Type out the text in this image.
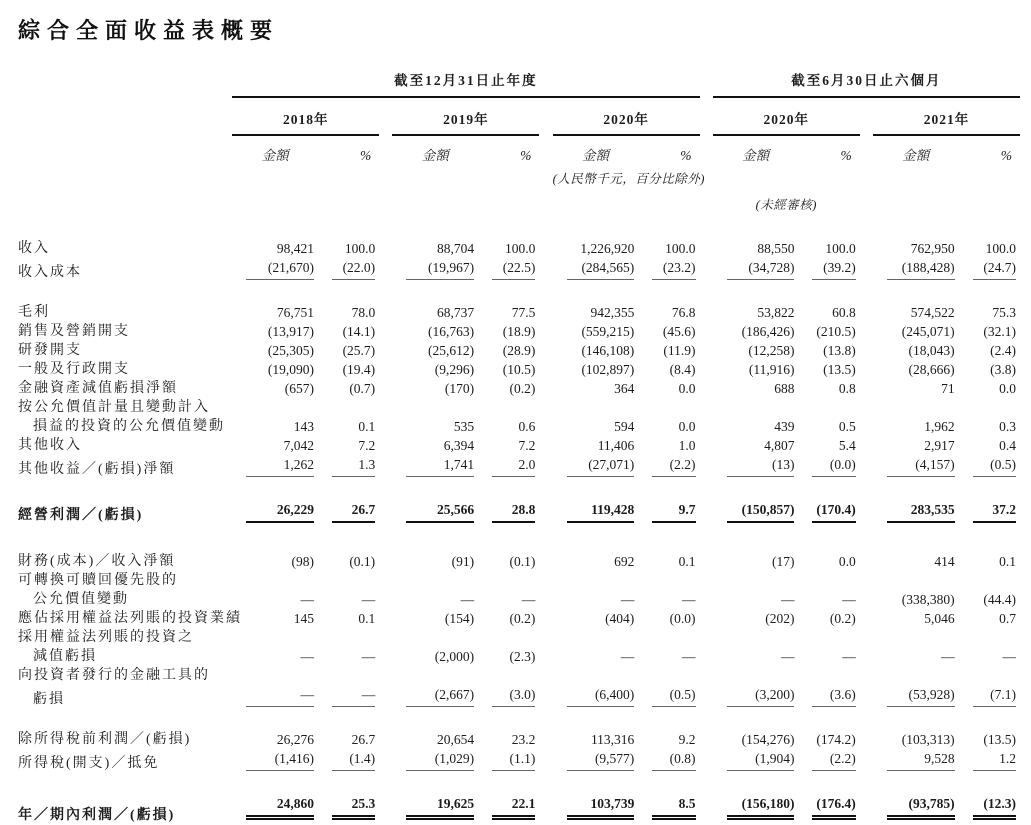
綜合全面收益表概要
	截至12月31日止年度									截至6月30日止六個月				
	2018年			2019年			2020年			2020年			2021年	
	金額	%		金額	%		金額	%		金額	%		金額	%
							(人民幣千元，百分比除外)							
										(未經審核)				
收入	98,421	100.0		88,704	100.0		1,226,920	100.0		88,550	100.0		762,950	100.0

收入成本	(21,670)	(22.0)		(19,967)	(22.5)		(284,565)	(23.2)		(34,728)	(39.2)		(188,428)	(24.7)

毛利	76,751	78.0		68,737	77.5		942,355	76.8		53,822	60.8		574,522	75.3

銷售及營銷開支	(13,917)	(14.1)		(16,763)	(18.9)		(559,215)	(45.6)		(186,426)	(210.5)		(245,071)	(32.1)

研發開支	(25,305)	(25.7)		(25,612)	(28.9)		(146,108)	(11.9)		(12,258)	(13.8)		(18,043)	(2.4)

一般及行政開支	(19,090)	(19.4)		(9,296)	(10.5)		(102,897)	(8.4)		(11,916)	(13.5)		(28,666)	(3.8)

金融資產減值虧損淨額	(657)	(0.7)		(170)	(0.2)		364	0.0		688	0.8		71	0.0

按公允價值計量且變動計入														
損益的投資的公允價值變動	143	0.1		535	0.6		594	0.0		439	0.5		1,962	0.3

其他收入	7,042	7.2		6,394	7.2		11,406	1.0		4,807	5.4		2,917	0.4

其他收益／(虧損)淨額	1,262	1.3		1,741	2.0		(27,071)	(2.2)		(13)	(0.0)		(4,157)	(0.5)

經營利潤／(虧損)	26,229	26.7		25,566	28.8		119,428	9.7		(150,857)	(170.4)		283,535	37.2

財務(成本)／收入淨額	(98)	(0.1)		(91)	(0.1)		692	0.1		(17)	0.0		414	0.1

可轉換可贖回優先股的														
公允價值變動	—	—		—	—		—	—		—	—		(338,380)	(44.4)

應佔採用權益法列賬的投資業績	145	0.1		(154)	(0.2)		(404)	(0.0)		(202)	(0.2)		5,046	0.7

採用權益法列賬的投資之														
減值虧損	—	—		(2,000)	(2.3)		—	—		—	—		—	—

向投資者發行的金融工具的														
虧損	—	—		(2,667)	(3.0)		(6,400)	(0.5)		(3,200)	(3.6)		(53,928)	(7.1)

除所得稅前利潤／(虧損)	26,276	26.7		20,654	23.2		113,316	9.2		(154,276)	(174.2)		(103,313)	(13.5)

所得稅(開支)／抵免	(1,416)	(1.4)		(1,029)	(1.1)		(9,577)	(0.8)		(1,904)	(2.2)		9,528	1.2

年／期內利潤／(虧損)	24,860	25.3		19,625	22.1		103,739	8.5		(156,180)	(176.4)		(93,785)	(12.3)
